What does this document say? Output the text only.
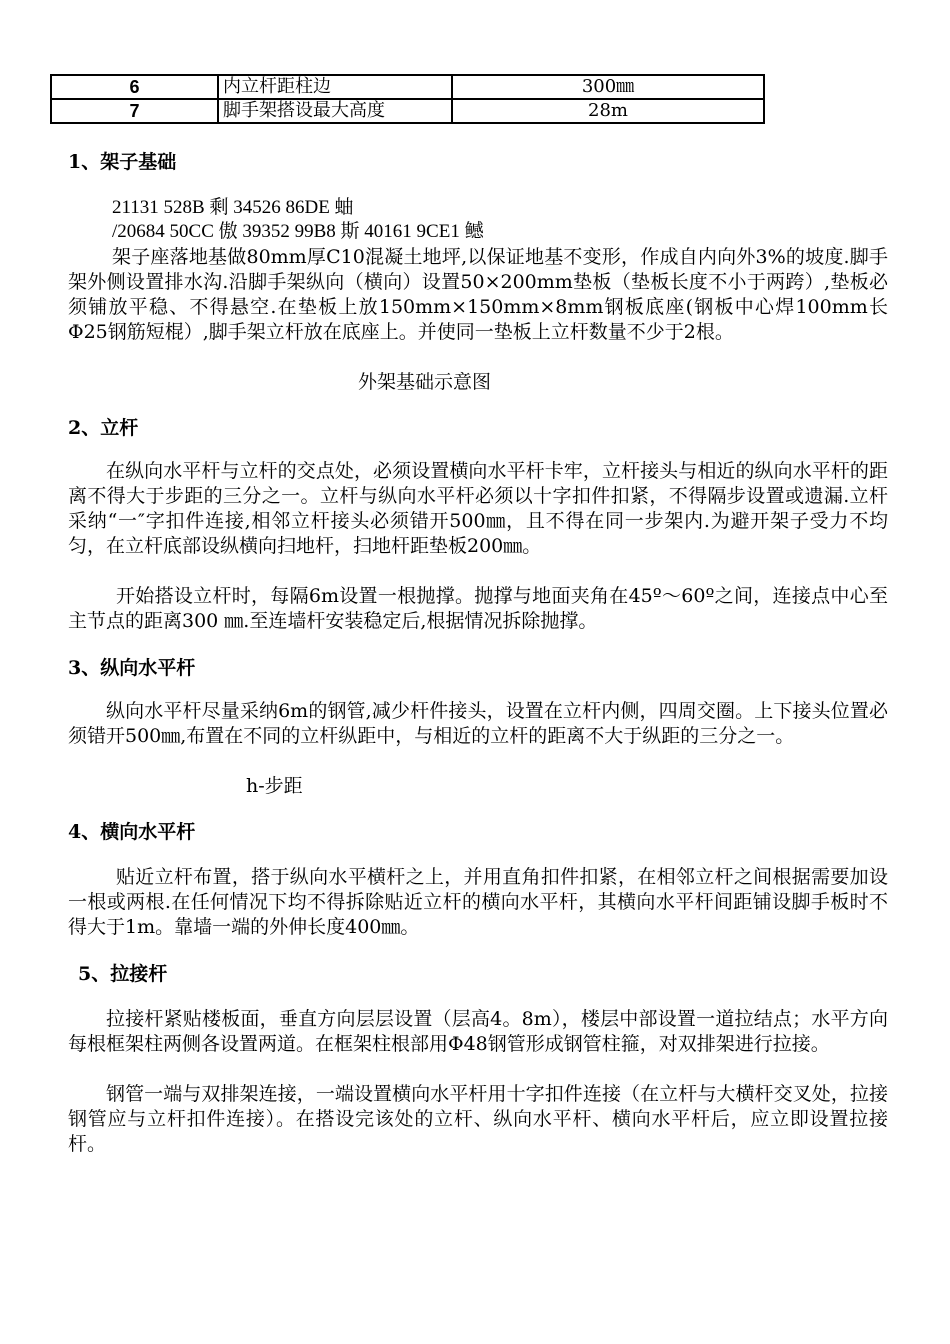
6	内立杆距柱边	300㎜
7	脚手架搭设最大高度	28m
1、架子基础
21131 528B 剩 34526 86DE 蚰
/20684 50CC 傲 39352 99B8 斯 40161 9CE1 鳡
架子座落地基做80mm厚C10混凝土地坪,以保证地基不变形，作成自内向外3%的坡度.脚手架外侧设置排水沟.沿脚手架纵向（横向）设置50×200mm垫板（垫板长度不小于两跨）,垫板必须铺放平稳、不得悬空.在垫板上放150mm×150mm×8mm钢板底座(钢板中心焊100mm长Φ25钢筋短棍）,脚手架立杆放在底座上。并使同一垫板上立杆数量不少于2根。
外架基础示意图
2、立杆
在纵向水平杆与立杆的交点处，必须设置横向水平杆卡牢，立杆接头与相近的纵向水平杆的距离不得大于步距的三分之一。立杆与纵向水平杆必须以十字扣件扣紧，不得隔步设置或遗漏.立杆采纳“一″字扣件连接,相邻立杆接头必须错开500㎜，且不得在同一步架内.为避开架子受力不均匀，在立杆底部设纵横向扫地杆，扫地杆距垫板200㎜。
开始搭设立杆时，每隔6m设置一根抛撑。抛撑与地面夹角在45º～60º之间，连接点中心至主节点的距离300 ㎜.至连墙杆安装稳定后,根据情况拆除抛撑。
3、纵向水平杆
纵向水平杆尽量采纳6m的钢管,减少杆件接头，设置在立杆内侧，四周交圈。上下接头位置必须错开500㎜,布置在不同的立杆纵距中，与相近的立杆的距离不大于纵距的三分之一。
h-步距
4、横向水平杆
贴近立杆布置，搭于纵向水平横杆之上，并用直角扣件扣紧，在相邻立杆之间根据需要加设一根或两根.在任何情况下均不得拆除贴近立杆的横向水平杆，其横向水平杆间距铺设脚手板时不得大于1m。靠墙一端的外伸长度400㎜。
5、拉接杆
拉接杆紧贴楼板面，垂直方向层层设置（层高4。8m），楼层中部设置一道拉结点；水平方向每根框架柱两侧各设置两道。在框架柱根部用Φ48钢管形成钢管柱箍，对双排架进行拉接。
钢管一端与双排架连接，一端设置横向水平杆用十字扣件连接（在立杆与大横杆交叉处，拉接钢管应与立杆扣件连接）。在搭设完该处的立杆、纵向水平杆、横向水平杆后，应立即设置拉接杆。
